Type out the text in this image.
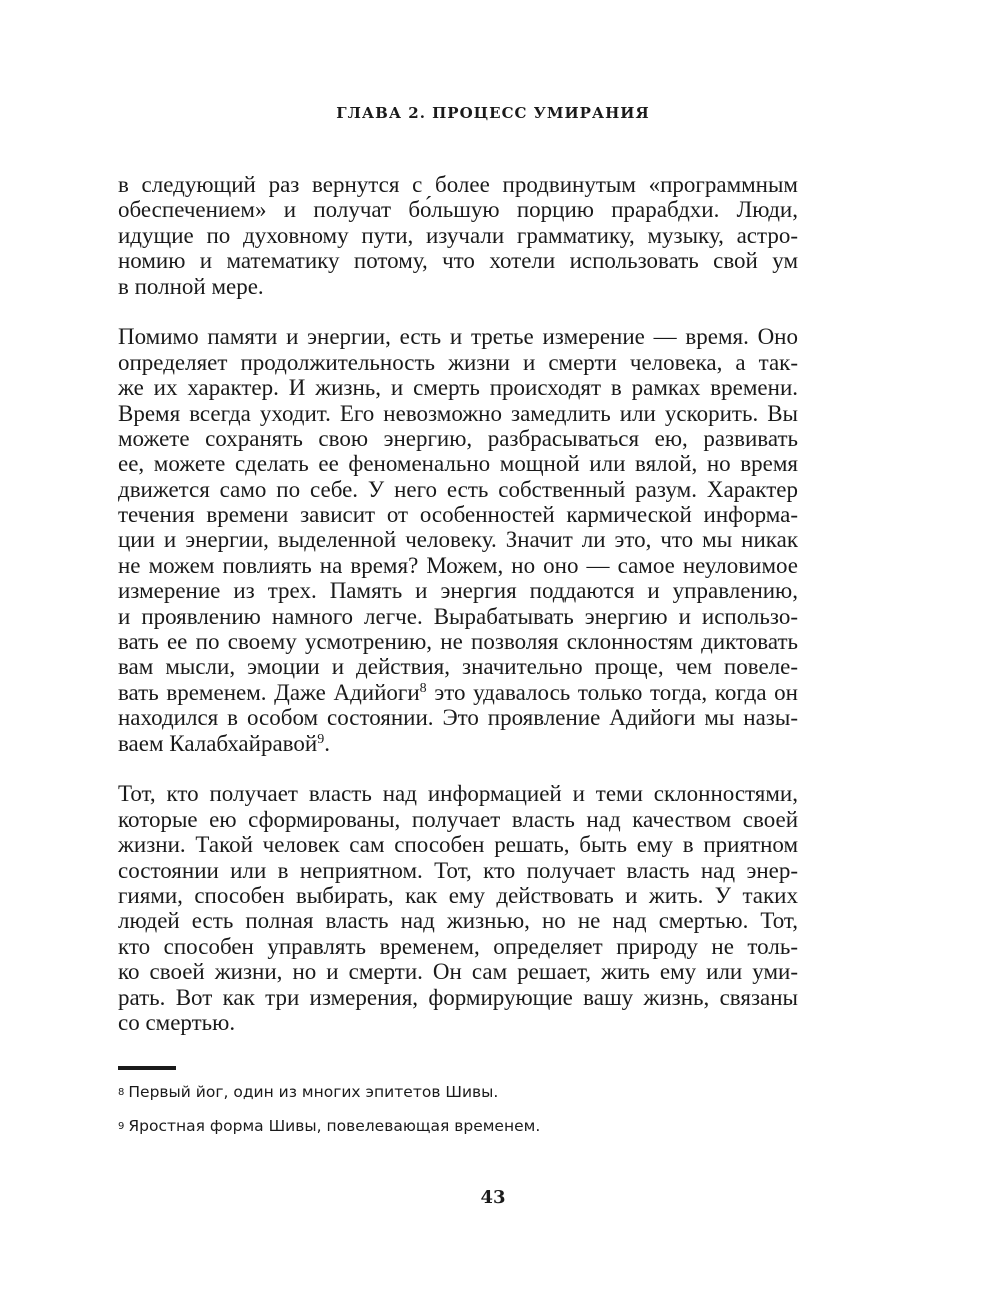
ГЛАВА 2. ПРОЦЕСС УМИРАНИЯ
в следующий раз вернутся с более продвинутым «программным
обеспечением» и получат бо́льшую порцию прарабдхи. Люди,
идущие по духовному пути, изучали грамматику, музыку, астро-
номию и математику потому, что хотели использовать свой ум
в полной мере.
Помимо памяти и энергии, есть и третье измерение — время. Оно
определяет продолжительность жизни и смерти человека, а так-
же их характер. И жизнь, и смерть происходят в рамках времени.
Время всегда уходит. Его невозможно замедлить или ускорить. Вы
можете сохранять свою энергию, разбрасываться ею, развивать
ее, можете сделать ее феноменально мощной или вялой, но время
движется само по себе. У него есть собственный разум. Характер
течения времени зависит от особенностей кармической информа-
ции и энергии, выделенной человеку. Значит ли это, что мы никак
не можем повлиять на время? Можем, но оно — самое неуловимое
измерение из трех. Память и энергия поддаются и управлению,
и проявлению намного легче. Вырабатывать энергию и использо-
вать ее по своему усмотрению, не позволяя склонностям диктовать
вам мысли, эмоции и действия, значительно проще, чем повеле-
вать временем. Даже Адийоги$^8$ это удавалось только тогда, когда он
находился в особом состоянии. Это проявление Адийоги мы назы-
ваем Калабхайравой$^9$.
Тот, кто получает власть над информацией и теми склонностями,
которые ею сформированы, получает власть над качеством своей
жизни. Такой человек сам способен решать, быть ему в приятном
состоянии или в неприятном. Тот, кто получает власть над энер-
гиями, способен выбирать, как ему действовать и жить. У таких
людей есть полная власть над жизнью, но не над смертью. Тот,
кто способен управлять временем, определяет природу не толь-
ко своей жизни, но и смерти. Он сам решает, жить ему или уми-
рать. Вот как три измерения, формирующие вашу жизнь, связаны
со смертью.
$^8$ Первый йог, один из многих эпитетов Шивы.
$^9$ Яростная форма Шивы, повелевающая временем.
43
